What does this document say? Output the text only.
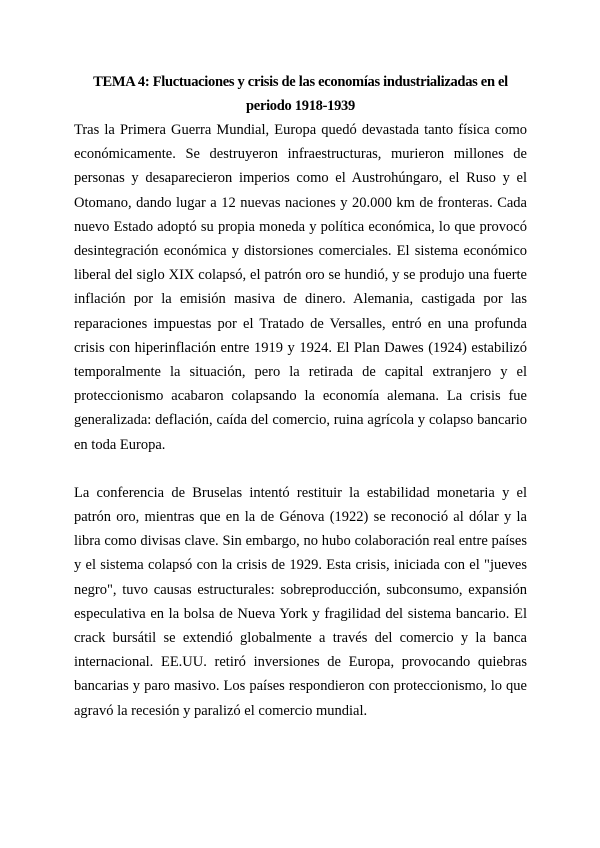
TEMA 4: Fluctuaciones y crisis de las economías industrializadas en el periodo 1918-1939

Tras la Primera Guerra Mundial, Europa quedó devastada tanto física como económicamente. Se destruyeron infraestructuras, murieron millones de personas y desaparecieron imperios como el Austrohúngaro, el Ruso y el Otomano, dando lugar a 12 nuevas naciones y 20.000 km de fronteras. Cada nuevo Estado adoptó su propia moneda y política económica, lo que provocó desintegración económica y distorsiones comerciales. El sistema económico liberal del siglo XIX colapsó, el patrón oro se hundió, y se produjo una fuerte inflación por la emisión masiva de dinero. Alemania, castigada por las reparaciones impuestas por el Tratado de Versalles, entró en una profunda crisis con hiperinflación entre 1919 y 1924. El Plan Dawes (1924) estabilizó temporalmente la situación, pero la retirada de capital extranjero y el proteccionismo acabaron colapsando la economía alemana. La crisis fue generalizada: deflación, caída del comercio, ruina agrícola y colapso bancario en toda Europa.

La conferencia de Bruselas intentó restituir la estabilidad monetaria y el patrón oro, mientras que en la de Génova (1922) se reconoció al dólar y la libra como divisas clave. Sin embargo, no hubo colaboración real entre países y el sistema colapsó con la crisis de 1929. Esta crisis, iniciada con el "jueves negro", tuvo causas estructurales: sobreproducción, subconsumo, expansión especulativa en la bolsa de Nueva York y fragilidad del sistema bancario. El crack bursátil se extendió globalmente a través del comercio y la banca internacional. EE.UU. retiró inversiones de Europa, provocando quiebras bancarias y paro masivo. Los países respondieron con proteccionismo, lo que agravó la recesión y paralizó el comercio mundial.
